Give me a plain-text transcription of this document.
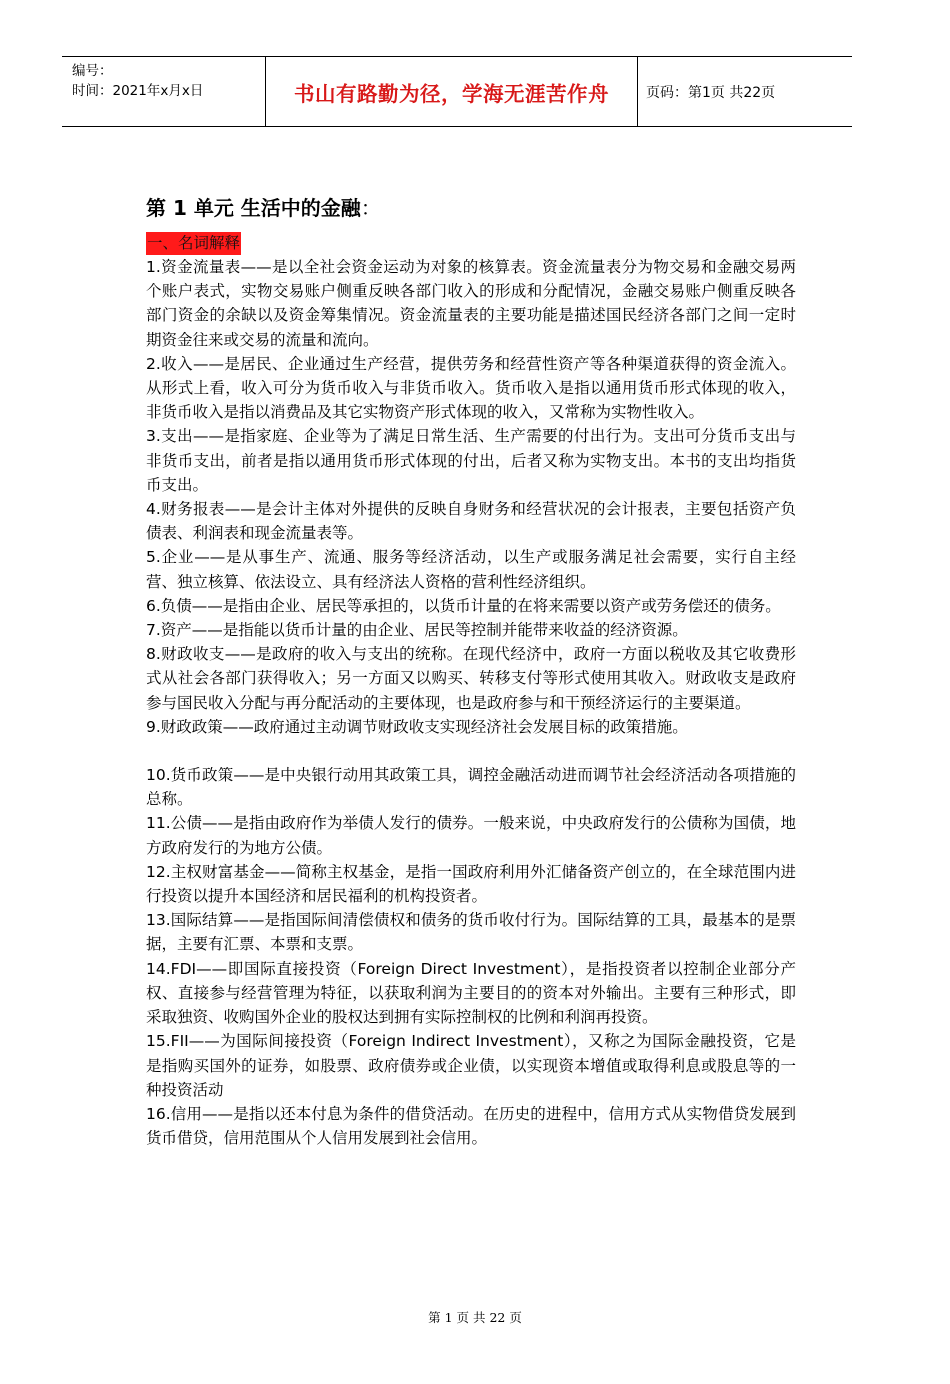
编号：
时间：2021年x月x日	书山有路勤为径，学海无涯苦作舟	页码：第1页 共22页
第 1 单元 生活中的金融：
一、名词解释

1.资金流量表——是以全社会资金运动为对象的核算表。资金流量表分为物交易和金融交易两个账户表式，实物交易账户侧重反映各部门收入的形成和分配情况，金融交易账户侧重反映各部门资金的余缺以及资金筹集情况。资金流量表的主要功能是描述国民经济各部门之间一定时期资金往来或交易的流量和流向。

2.收入——是居民、企业通过生产经营，提供劳务和经营性资产等各种渠道获得的资金流入。从形式上看，收入可分为货币收入与非货币收入。货币收入是指以通用货币形式体现的收入，非货币收入是指以消费品及其它实物资产形式体现的收入，又常称为实物性收入。

3.支出——是指家庭、企业等为了满足日常生活、生产需要的付出行为。支出可分货币支出与非货币支出，前者是指以通用货币形式体现的付出，后者又称为实物支出。本书的支出均指货币支出。

4.财务报表——是会计主体对外提供的反映自身财务和经营状况的会计报表，主要包括资产负债表、利润表和现金流量表等。

5.企业——是从事生产、流通、服务等经济活动，以生产或服务满足社会需要，实行自主经营、独立核算、依法设立、具有经济法人资格的营利性经济组织。

6.负债——是指由企业、居民等承担的，以货币计量的在将来需要以资产或劳务偿还的债务。

7.资产——是指能以货币计量的由企业、居民等控制并能带来收益的经济资源。

8.财政收支——是政府的收入与支出的统称。在现代经济中，政府一方面以税收及其它收费形式从社会各部门获得收入；另一方面又以购买、转移支付等形式使用其收入。财政收支是政府参与国民收入分配与再分配活动的主要体现，也是政府参与和干预经济运行的主要渠道。

9.财政政策——政府通过主动调节财政收支实现经济社会发展目标的政策措施。

10.货币政策——是中央银行动用其政策工具，调控金融活动进而调节社会经济活动各项措施的总称。

11.公债——是指由政府作为举债人发行的债券。一般来说，中央政府发行的公债称为国债，地方政府发行的为地方公债。

12.主权财富基金——简称主权基金，是指一国政府利用外汇储备资产创立的，在全球范围内进行投资以提升本国经济和居民福利的机构投资者。

13.国际结算——是指国际间清偿债权和债务的货币收付行为。国际结算的工具，最基本的是票据，主要有汇票、本票和支票。

14.FDI——即国际直接投资（Foreign Direct Investment），是指投资者以控制企业部分产权、直接参与经营管理为特征，以获取利润为主要目的的资本对外输出。主要有三种形式，即采取独资、收购国外企业的股权达到拥有实际控制权的比例和利润再投资。

15.FII——为国际间接投资（Foreign Indirect Investment），又称之为国际金融投资，它是是指购买国外的证券，如股票、政府债券或企业债，以实现资本增值或取得利息或股息等的一种投资活动

16.信用——是指以还本付息为条件的借贷活动。在历史的进程中，信用方式从实物借贷发展到货币借贷，信用范围从个人信用发展到社会信用。

第 1 页 共 22 页
